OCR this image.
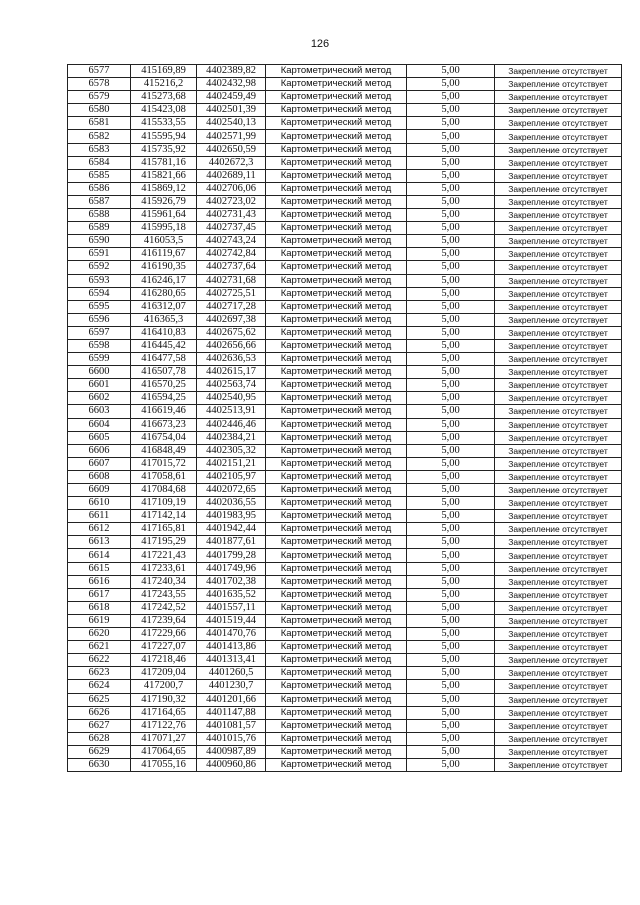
126
6577	415169,89	4402389,82	Картометрический метод	5,00	Закрепление отсутствует
6578	415216,2	4402432,98	Картометрический метод	5,00	Закрепление отсутствует
6579	415273,68	4402459,49	Картометрический метод	5,00	Закрепление отсутствует
6580	415423,08	4402501,39	Картометрический метод	5,00	Закрепление отсутствует
6581	415533,55	4402540,13	Картометрический метод	5,00	Закрепление отсутствует
6582	415595,94	4402571,99	Картометрический метод	5,00	Закрепление отсутствует
6583	415735,92	4402650,59	Картометрический метод	5,00	Закрепление отсутствует
6584	415781,16	4402672,3	Картометрический метод	5,00	Закрепление отсутствует
6585	415821,66	4402689,11	Картометрический метод	5,00	Закрепление отсутствует
6586	415869,12	4402706,06	Картометрический метод	5,00	Закрепление отсутствует
6587	415926,79	4402723,02	Картометрический метод	5,00	Закрепление отсутствует
6588	415961,64	4402731,43	Картометрический метод	5,00	Закрепление отсутствует
6589	415995,18	4402737,45	Картометрический метод	5,00	Закрепление отсутствует
6590	416053,5	4402743,24	Картометрический метод	5,00	Закрепление отсутствует
6591	416119,67	4402742,84	Картометрический метод	5,00	Закрепление отсутствует
6592	416190,35	4402737,64	Картометрический метод	5,00	Закрепление отсутствует
6593	416246,17	4402731,68	Картометрический метод	5,00	Закрепление отсутствует
6594	416280,65	4402725,51	Картометрический метод	5,00	Закрепление отсутствует
6595	416312,07	4402717,28	Картометрический метод	5,00	Закрепление отсутствует
6596	416365,3	4402697,38	Картометрический метод	5,00	Закрепление отсутствует
6597	416410,83	4402675,62	Картометрический метод	5,00	Закрепление отсутствует
6598	416445,42	4402656,66	Картометрический метод	5,00	Закрепление отсутствует
6599	416477,58	4402636,53	Картометрический метод	5,00	Закрепление отсутствует
6600	416507,78	4402615,17	Картометрический метод	5,00	Закрепление отсутствует
6601	416570,25	4402563,74	Картометрический метод	5,00	Закрепление отсутствует
6602	416594,25	4402540,95	Картометрический метод	5,00	Закрепление отсутствует
6603	416619,46	4402513,91	Картометрический метод	5,00	Закрепление отсутствует
6604	416673,23	4402446,46	Картометрический метод	5,00	Закрепление отсутствует
6605	416754,04	4402384,21	Картометрический метод	5,00	Закрепление отсутствует
6606	416848,49	4402305,32	Картометрический метод	5,00	Закрепление отсутствует
6607	417015,72	4402151,21	Картометрический метод	5,00	Закрепление отсутствует
6608	417058,61	4402105,97	Картометрический метод	5,00	Закрепление отсутствует
6609	417084,68	4402072,65	Картометрический метод	5,00	Закрепление отсутствует
6610	417109,19	4402036,55	Картометрический метод	5,00	Закрепление отсутствует
6611	417142,14	4401983,95	Картометрический метод	5,00	Закрепление отсутствует
6612	417165,81	4401942,44	Картометрический метод	5,00	Закрепление отсутствует
6613	417195,29	4401877,61	Картометрический метод	5,00	Закрепление отсутствует
6614	417221,43	4401799,28	Картометрический метод	5,00	Закрепление отсутствует
6615	417233,61	4401749,96	Картометрический метод	5,00	Закрепление отсутствует
6616	417240,34	4401702,38	Картометрический метод	5,00	Закрепление отсутствует
6617	417243,55	4401635,52	Картометрический метод	5,00	Закрепление отсутствует
6618	417242,52	4401557,11	Картометрический метод	5,00	Закрепление отсутствует
6619	417239,64	4401519,44	Картометрический метод	5,00	Закрепление отсутствует
6620	417229,66	4401470,76	Картометрический метод	5,00	Закрепление отсутствует
6621	417227,07	4401413,86	Картометрический метод	5,00	Закрепление отсутствует
6622	417218,46	4401313,41	Картометрический метод	5,00	Закрепление отсутствует
6623	417209,04	4401260,5	Картометрический метод	5,00	Закрепление отсутствует
6624	417200,7	4401230,7	Картометрический метод	5,00	Закрепление отсутствует
6625	417190,32	4401201,66	Картометрический метод	5,00	Закрепление отсутствует
6626	417164,65	4401147,88	Картометрический метод	5,00	Закрепление отсутствует
6627	417122,76	4401081,57	Картометрический метод	5,00	Закрепление отсутствует
6628	417071,27	4401015,76	Картометрический метод	5,00	Закрепление отсутствует
6629	417064,65	4400987,89	Картометрический метод	5,00	Закрепление отсутствует
6630	417055,16	4400960,86	Картометрический метод	5,00	Закрепление отсутствует
